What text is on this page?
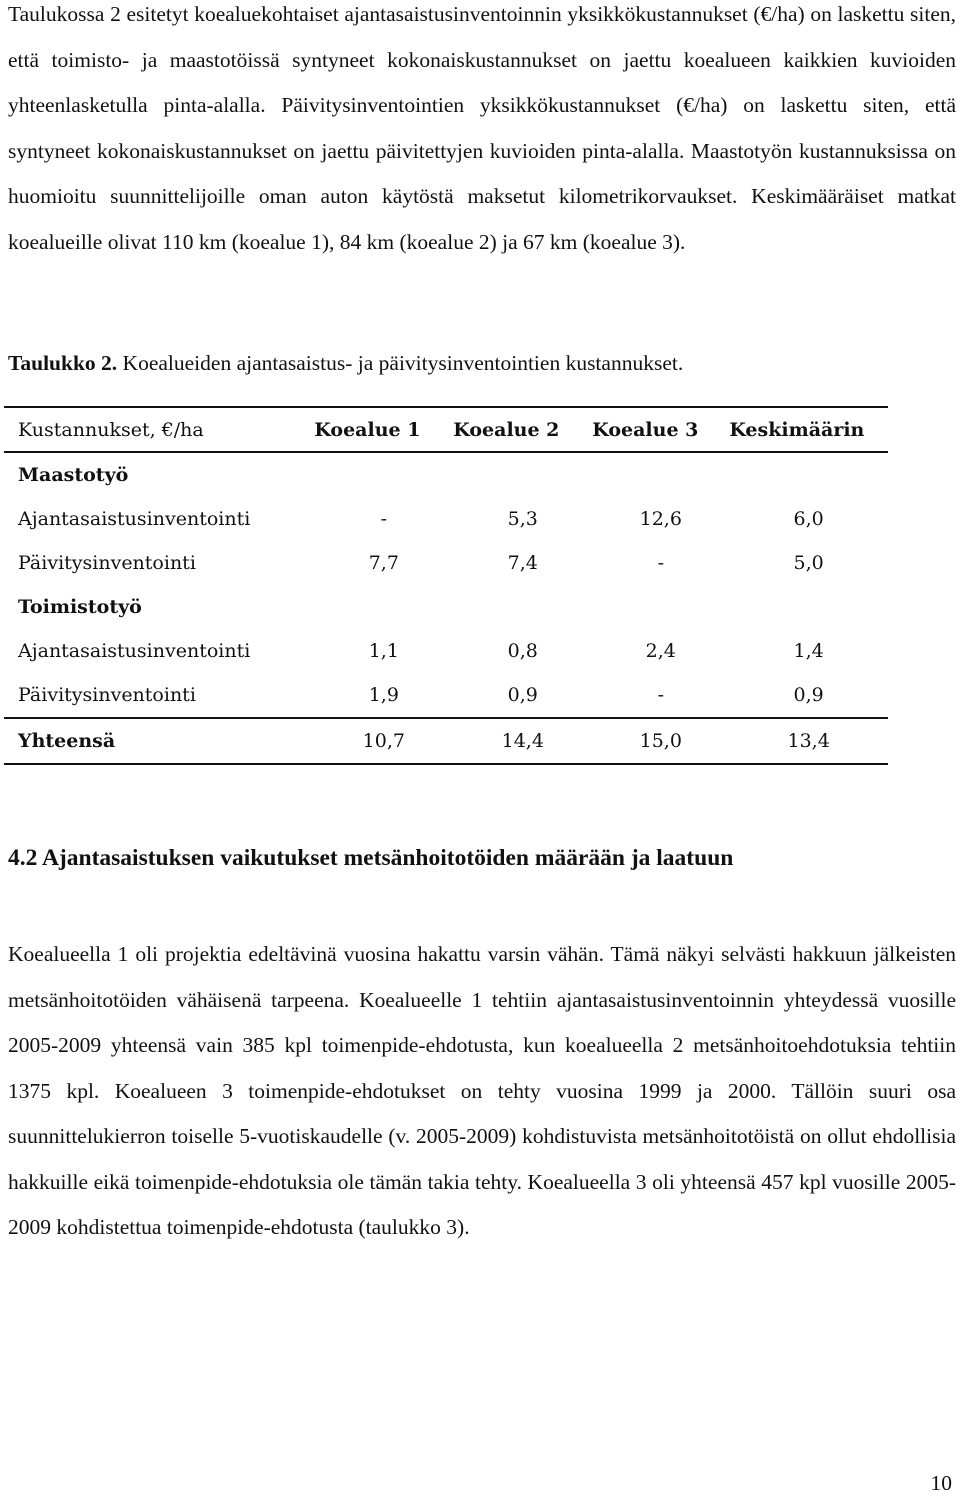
Taulukossa 2 esitetyt koealuekohtaiset ajantasaistusinventoinnin yksikkökustannukset (€/ha) on laskettu siten, että toimisto- ja maastotöissä syntyneet kokonaiskustannukset on jaettu koealueen kaikkien kuvioiden yhteenlasketulla pinta-alalla. Päivitysinventointien yksikkökustannukset (€/ha) on laskettu siten, että syntyneet kokonaiskustannukset on jaettu päivitettyjen kuvioiden pinta-alalla. Maastotyön kustannuksissa on huomioitu suunnittelijoille oman auton käytöstä maksetut kilometrikorvaukset. Keskimääräiset matkat koealueille olivat 110 km (koealue 1), 84 km (koealue 2) ja 67 km (koealue 3).

Taulukko 2. Koealueiden ajantasaistus- ja päivitysinventointien kustannukset.

Kustannukset, €/ha	Koealue 1	Koealue 2	Koealue 3	Keskimäärin
Maastotyö				
Ajantasaistusinventointi	-	5,3	12,6	6,0
Päivitysinventointi	7,7	7,4	-	5,0
Toimistotyö				
Ajantasaistusinventointi	1,1	0,8	2,4	1,4
Päivitysinventointi	1,9	0,9	-	0,9
Yhteensä	10,7	14,4	15,0	13,4
4.2 Ajantasaistuksen vaikutukset metsänhoitotöiden määrään ja laatuun

Koealueella 1 oli projektia edeltävinä vuosina hakattu varsin vähän. Tämä näkyi selvästi hakkuun jälkeisten metsänhoitotöiden vähäisenä tarpeena. Koealueelle 1 tehtiin ajantasaistusinventoinnin yhteydessä vuosille 2005-2009 yhteensä vain 385 kpl toimenpide-ehdotusta, kun koealueella 2 metsänhoitoehdotuksia tehtiin 1375 kpl. Koealueen 3 toimenpide-ehdotukset on tehty vuosina 1999 ja 2000. Tällöin suuri osa suunnittelukierron toiselle 5-vuotiskaudelle (v. 2005-2009) kohdistuvista metsänhoitotöistä on ollut ehdollisia hakkuille eikä toimenpide-ehdotuksia ole tämän takia tehty. Koealueella 3 oli yhteensä 457 kpl vuosille 2005-2009 kohdistettua toimenpide-ehdotusta (taulukko 3).

10
